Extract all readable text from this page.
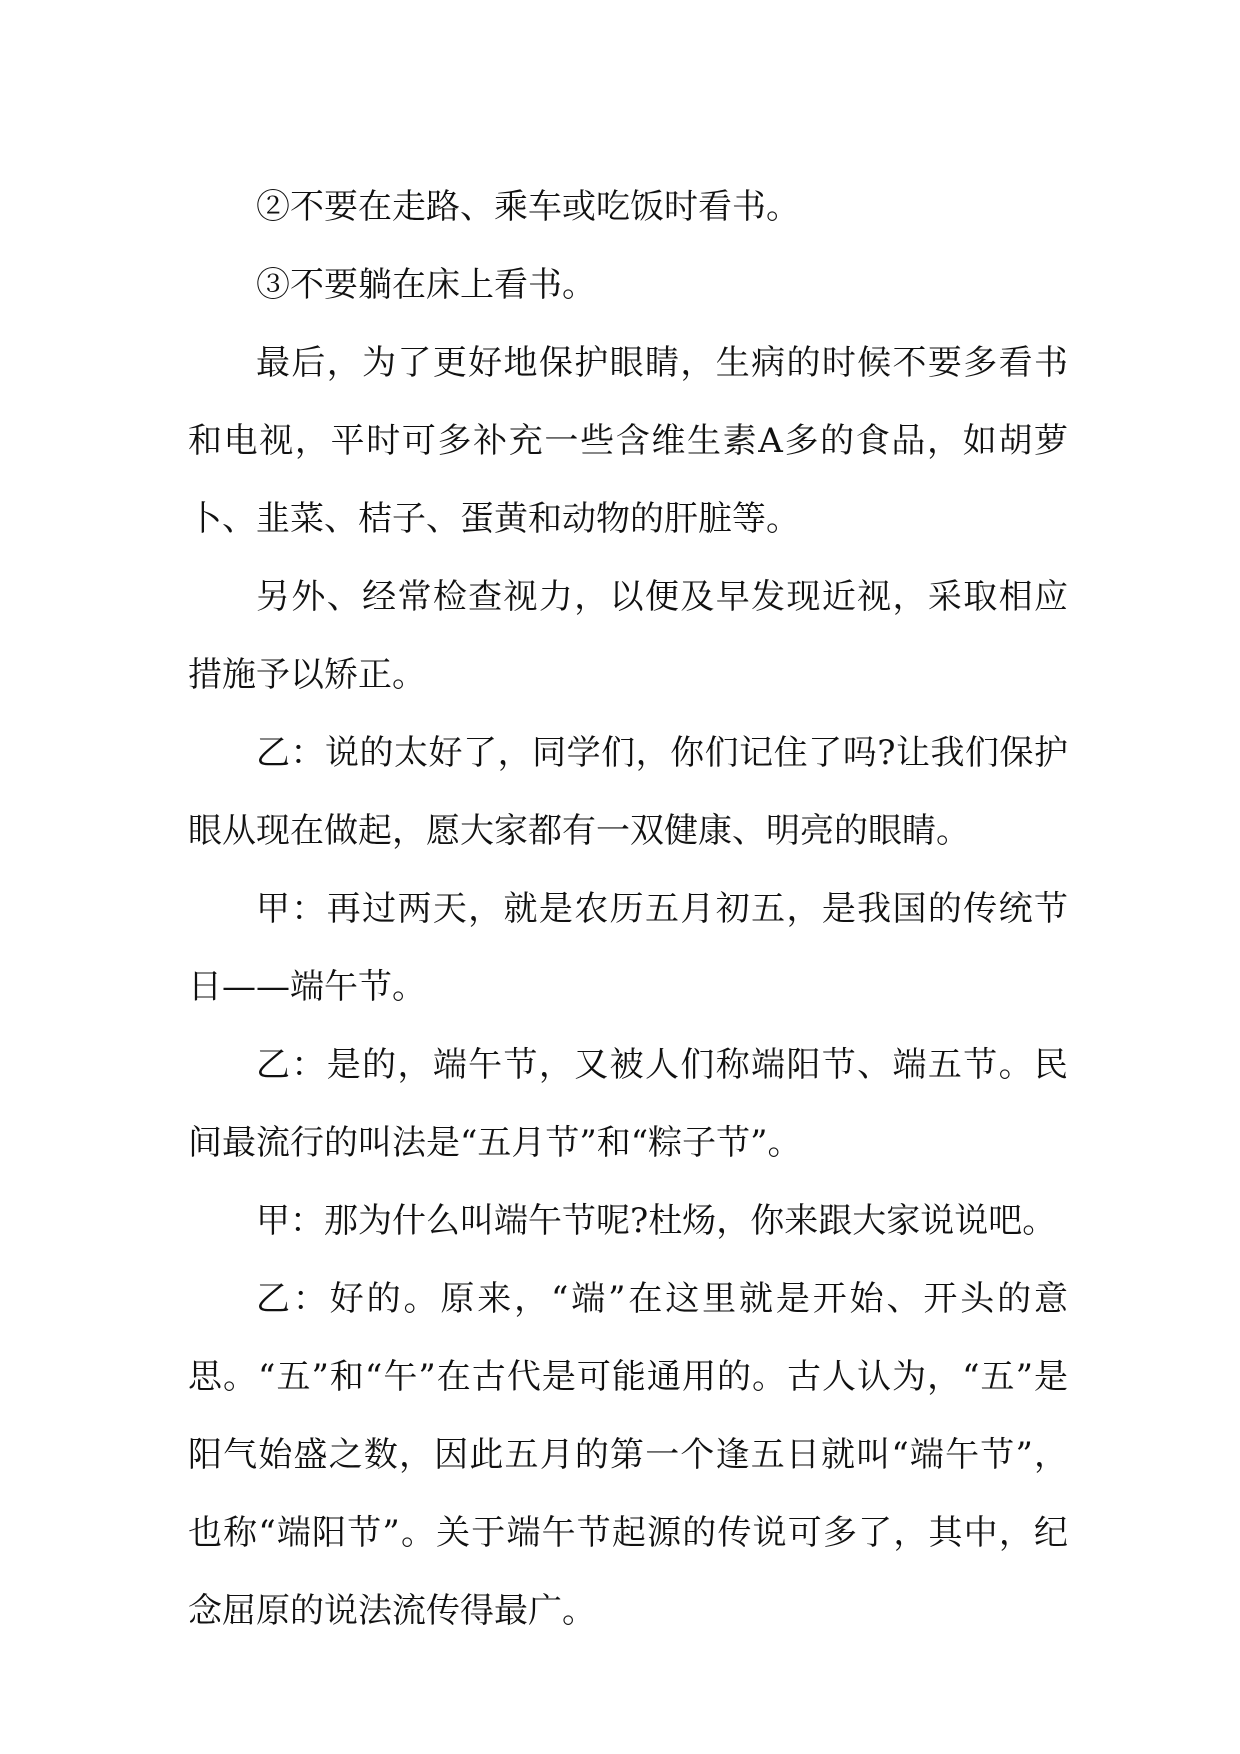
②不要在走路、乘车或吃饭时看书。

③不要躺在床上看书。

最后，为了更好地保护眼睛，生病的时候不要多看书和电视，平时可多补充一些含维生素A多的食品，如胡萝卜、韭菜、桔子、蛋黄和动物的肝脏等。

另外、经常检查视力，以便及早发现近视，采取相应措施予以矫正。

乙：说的太好了，同学们，你们记住了吗?让我们保护眼从现在做起，愿大家都有一双健康、明亮的眼睛。

甲：再过两天，就是农历五月初五，是我国的传统节日——端午节。

乙：是的，端午节，又被人们称端阳节、端五节。民间最流行的叫法是“五月节”和“粽子节”。

甲：那为什么叫端午节呢?杜炀，你来跟大家说说吧。

乙：好的。原来，“端”在这里就是开始、开头的意思。“五”和“午”在古代是可能通用的。古人认为，“五”是阳气始盛之数，因此五月的第一个逢五日就叫“端午节”，也称“端阳节”。关于端午节起源的传说可多了，其中，纪念屈原的说法流传得最广。
